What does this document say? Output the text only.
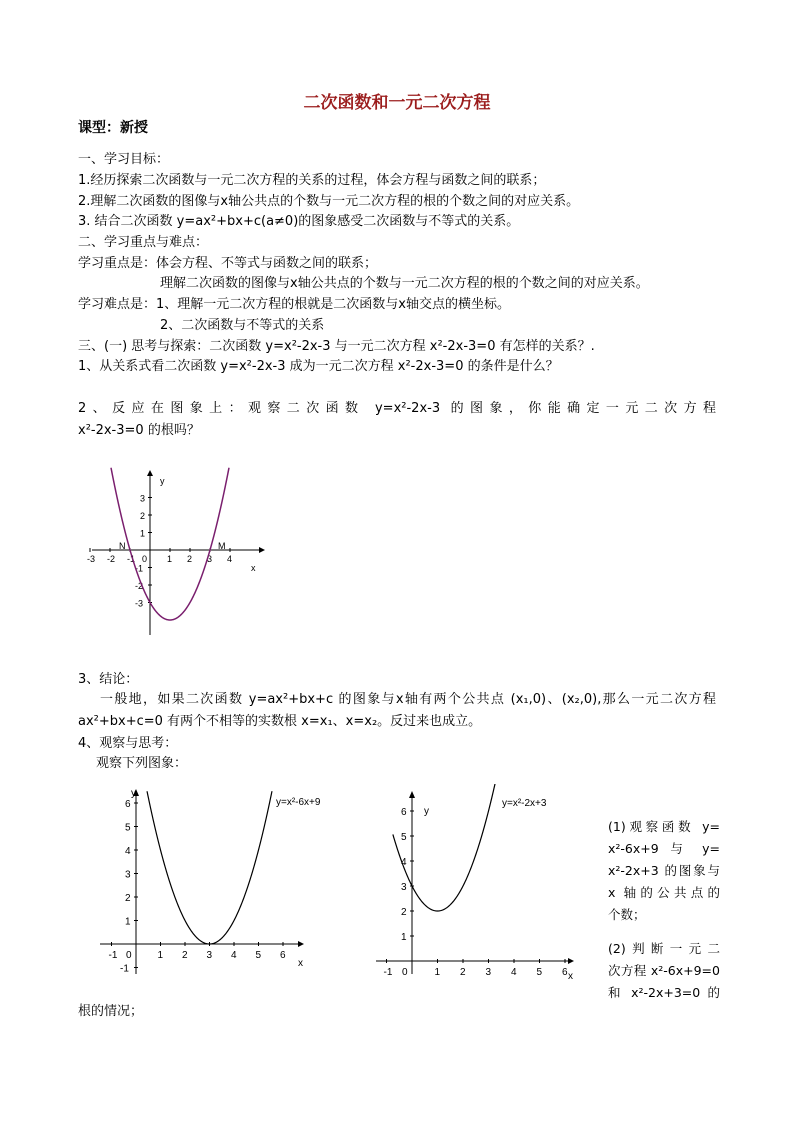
二次函数和一元二次方程
课型：新授
一、学习目标：
1.经历探索二次函数与一元二次方程的关系的过程，体会方程与函数之间的联系；
2.理解二次函数的图像与x轴公共点的个数与一元二次方程的根的个数之间的对应关系。
3. 结合二次函数 y=ax²+bx+c(a≠0)的图象感受二次函数与不等式的关系。
二、学习重点与难点：
学习重点是：体会方程、不等式与函数之间的联系；
理解二次函数的图像与x轴公共点的个数与一元二次方程的根的个数之间的对应关系。
学习难点是：1、理解一元二次方程的根就是二次函数与x轴交点的横坐标。
2、二次函数与不等式的关系
三、(一) 思考与探索：二次函数 y=x²-2x-3 与一元二次方程 x²-2x-3=0 有怎样的关系？.
1、从关系式看二次函数 y=x²-2x-3 成为一元二次方程 x²-2x-3=0 的条件是什么？
2、反应在图象上：观察二次函数 y=x²-2x-3 的图象，你能确定一元二次方程
x²-2x-3=0 的根吗？
y
x
N	M
-3 -2 -1 0 1 2 3 4
3
2
1
-1
-2
-3
3、结论：
一般地，如果二次函数 y=ax²+bx+c 的图象与x轴有两个公共点 (x₁,0)、(x₂,0),那么一元二次方程
ax²+bx+c=0 有两个不相等的实数根 x=x₁、x=x₂。反过来也成立。
4、观察与思考：
观察下列图象：
y
x
y=x²-6x+9
-1 0	1 2 3 4 5 6
6
5
4
3
2
1
-1
y
x
y=x²-2x+3
-1 0	1 2 3 4 5 6
6
5
4
3
2
1
(1)观察函数 y=
x²-6x+9 与 y=
x²-2x+3 的图象与
x 轴的公共点的
个数；
(2)判断一元二
次方程 x²-6x+9=0
和 x²-2x+3=0 的
根的情况；
